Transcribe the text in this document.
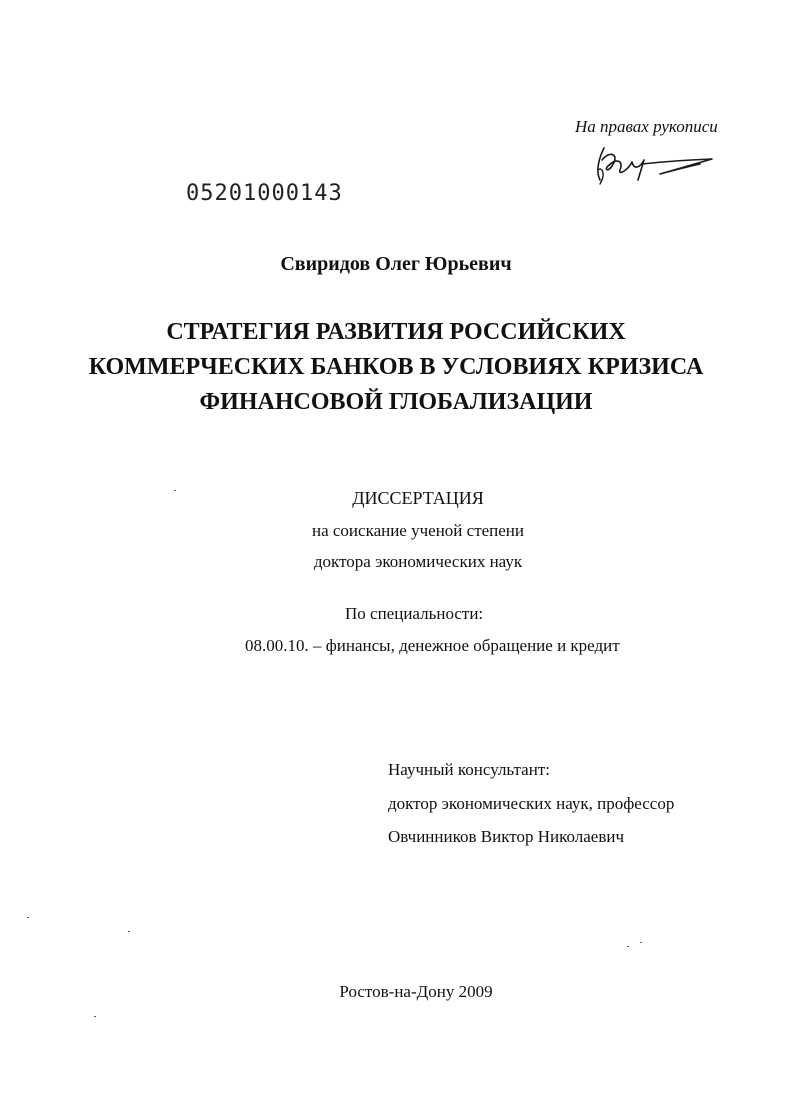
На правах рукописи
05201000143
Свиридов Олег Юрьевич
СТРАТЕГИЯ РАЗВИТИЯ РОССИЙСКИХ
КОММЕРЧЕСКИХ БАНКОВ В УСЛОВИЯХ КРИЗИСА
ФИНАНСОВОЙ ГЛОБАЛИЗАЦИИ
ДИССЕРТАЦИЯ
на соискание ученой степени
доктора экономических наук
По специальности:
08.00.10. – финансы, денежное обращение и кредит
Научный консультант:
доктор экономических наук, профессор
Овчинников Виктор Николаевич
Ростов-на-Дону 2009
